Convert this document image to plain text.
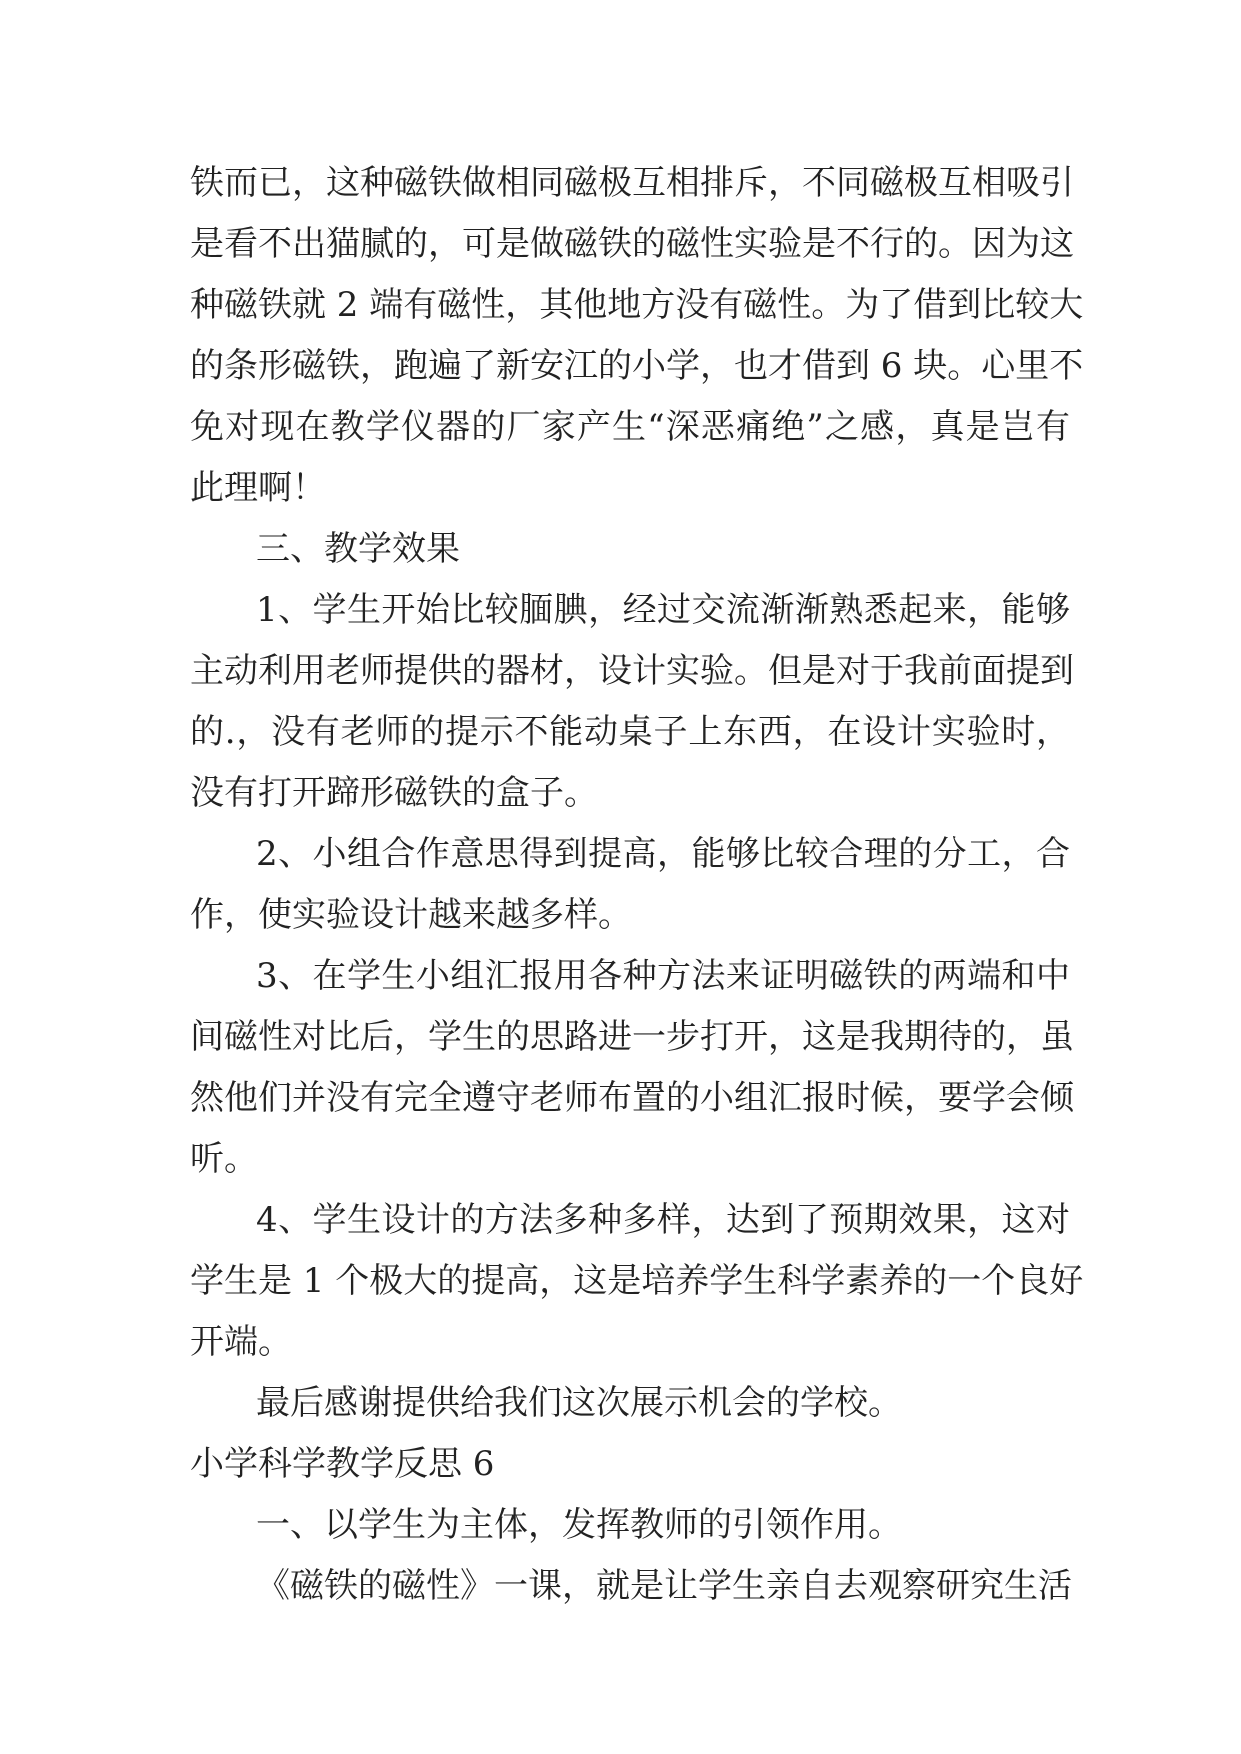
铁而已，这种磁铁做相同磁极互相排斥，不同磁极互相吸引
是看不出猫腻的，可是做磁铁的磁性实验是不行的。因为这
种磁铁就 2 端有磁性，其他地方没有磁性。为了借到比较大
的条形磁铁，跑遍了新安江的小学，也才借到 6 块。心里不
免对现在教学仪器的厂家产生“深恶痛绝”之感，真是岂有
此理啊！
三、教学效果
1、学生开始比较腼腆，经过交流渐渐熟悉起来，能够
主动利用老师提供的器材，设计实验。但是对于我前面提到
的.，没有老师的提示不能动桌子上东西，在设计实验时，
没有打开蹄形磁铁的盒子。
2、小组合作意思得到提高，能够比较合理的分工，合
作，使实验设计越来越多样。
3、在学生小组汇报用各种方法来证明磁铁的两端和中
间磁性对比后，学生的思路进一步打开，这是我期待的，虽
然他们并没有完全遵守老师布置的小组汇报时候，要学会倾
听。
4、学生设计的方法多种多样，达到了预期效果，这对
学生是 1 个极大的提高，这是培养学生科学素养的一个良好
开端。
最后感谢提供给我们这次展示机会的学校。
小学科学教学反思 6
一、以学生为主体，发挥教师的引领作用。
《磁铁的磁性》一课，就是让学生亲自去观察研究生活
